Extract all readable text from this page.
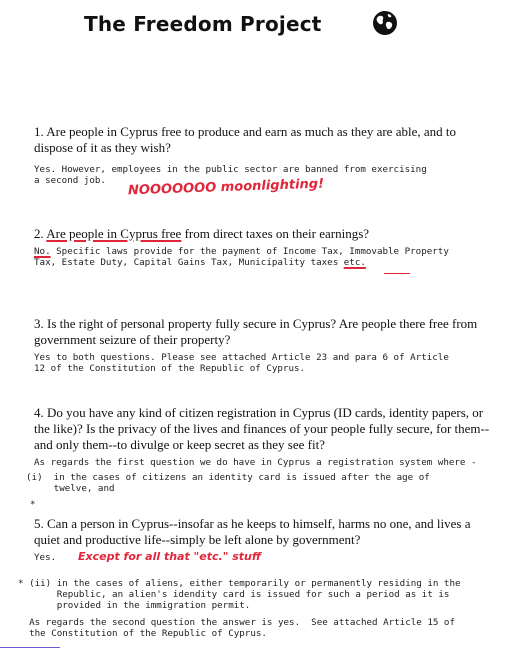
The Freedom Project
1. Are people in Cyprus free to produce and earn as much as they are able, and to
dispose of it as they wish?
Yes. However, employees in the public sector are banned from exercising
a second job.	NOOOOOOO moonlighting!
2. Are people in Cyprus free from direct taxes on their earnings?
No. Specific laws provide for the payment of Income Tax, Immovable Property
Tax, Estate Duty, Capital Gains Tax, Municipality taxes etc.
3. Is the right of personal property fully secure in Cyprus? Are people there free from
government seizure of their property?
Yes to both questions. Please see attached Article 23 and para 6 of Article
12 of the Constitution of the Republic of Cyprus.
4. Do you have any kind of citizen registration in Cyprus (ID cards, identity papers, or
the like)? Is the privacy of the lives and finances of your people fully secure, for them--
and only them--to divulge or keep secret as they see fit?
As regards the first question we do have in Cyprus a registration system where -
(i)  in the cases of citizens an identity card is issued after the age of
twelve, and
*
5. Can a person in Cyprus--insofar as he keeps to himself, harms no one, and lives a
quiet and productive life--simply be left alone by government?
Yes.	Except for all that "etc." stuff
* (ii) in the cases of aliens, either temporarily or permanently residing in the
Republic, an alien's idendity card is issued for such a period as it is
provided in the immigration permit.
As regards the second question the answer is yes.  See attached Article 15 of
the Constitution of the Republic of Cyprus.
